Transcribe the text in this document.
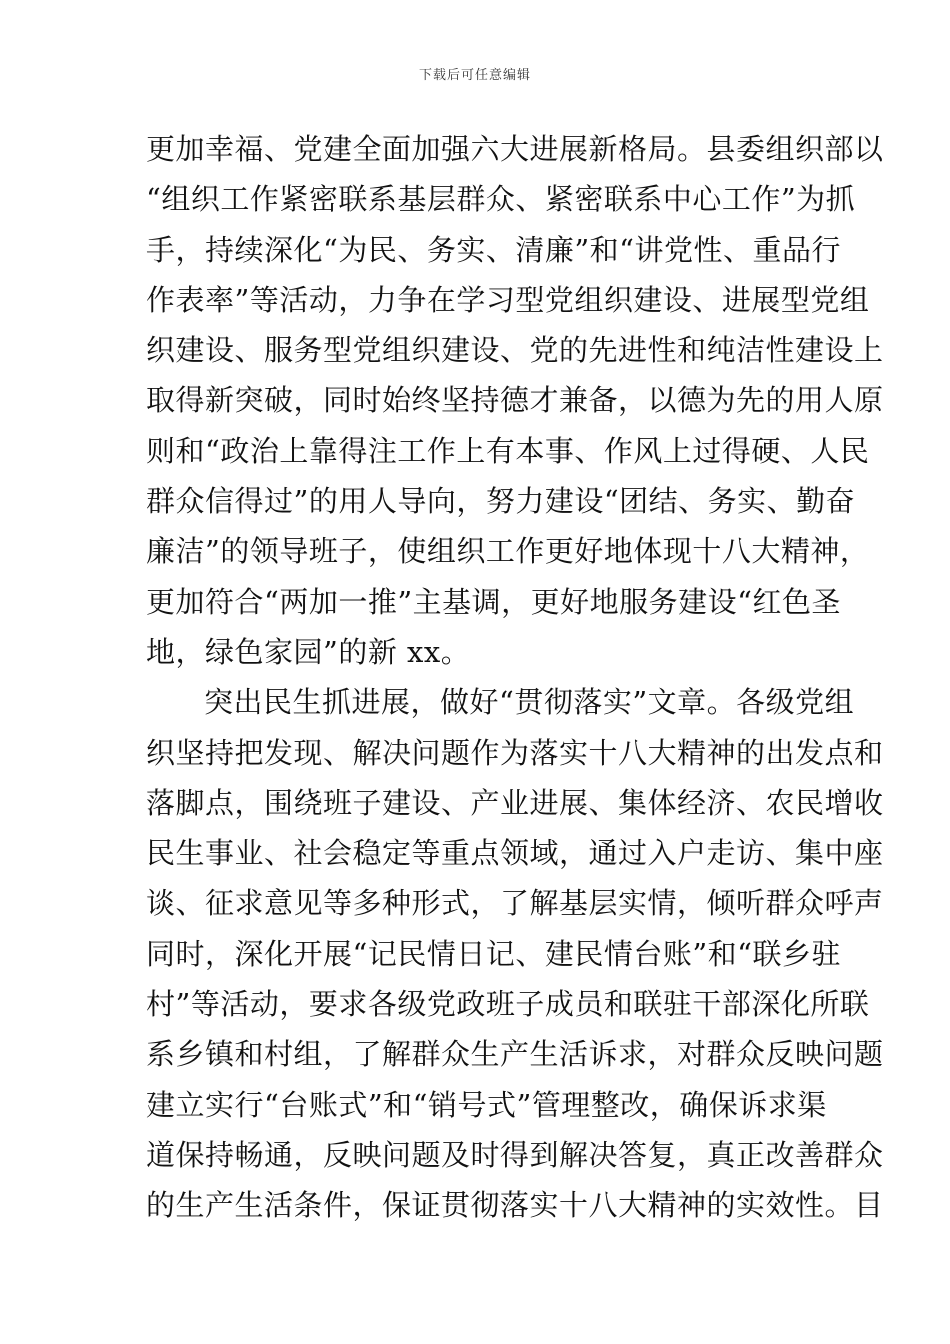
下载后可任意编辑
更加幸福、党建全面加强六大进展新格局。县委组织部以
“组织工作紧密联系基层群众、紧密联系中心工作”为抓
手，持续深化“为民、务实、清廉”和“讲党性、重品行
作表率”等活动，力争在学习型党组织建设、进展型党组
织建设、服务型党组织建设、党的先进性和纯洁性建设上
取得新突破，同时始终坚持德才兼备，以德为先的用人原
则和“政治上靠得注工作上有本事、作风上过得硬、人民
群众信得过”的用人导向，努力建设“团结、务实、勤奋
廉洁”的领导班子，使组织工作更好地体现十八大精神，
更加符合“两加一推”主基调，更好地服务建设“红色圣
地，绿色家园”的新 xx。
突出民生抓进展，做好“贯彻落实”文章。各级党组
织坚持把发现、解决问题作为落实十八大精神的出发点和
落脚点，围绕班子建设、产业进展、集体经济、农民增收
民生事业、社会稳定等重点领域，通过入户走访、集中座
谈、征求意见等多种形式，了解基层实情，倾听群众呼声
同时，深化开展“记民情日记、建民情台账”和“联乡驻
村”等活动，要求各级党政班子成员和联驻干部深化所联
系乡镇和村组，了解群众生产生活诉求，对群众反映问题
建立实行“台账式”和“销号式”管理整改，确保诉求渠
道保持畅通，反映问题及时得到解决答复，真正改善群众
的生产生活条件，保证贯彻落实十八大精神的实效性。目
